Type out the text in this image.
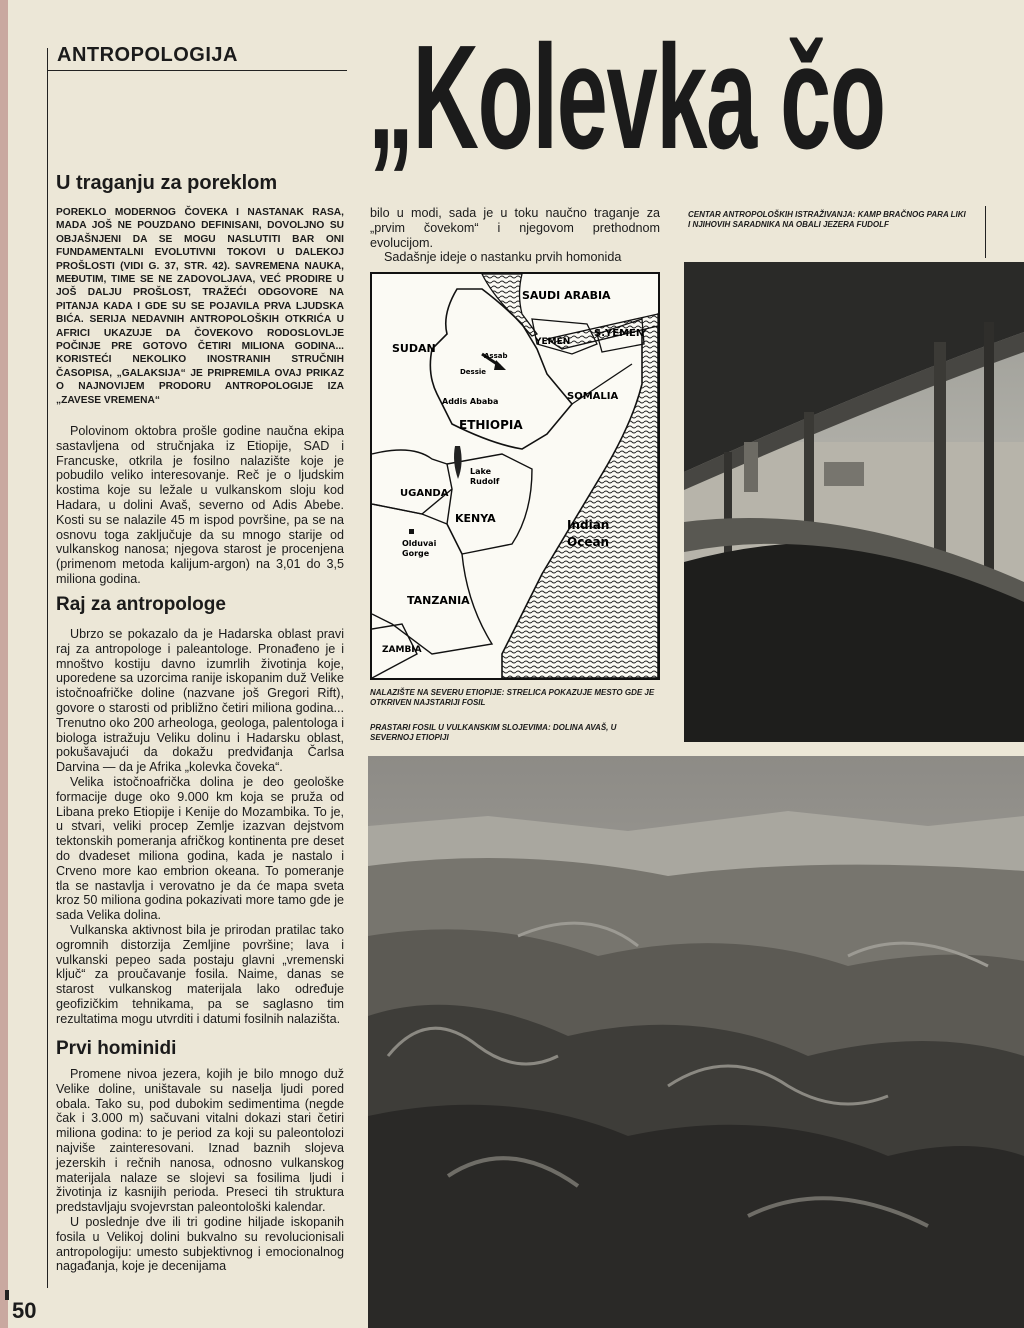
ANTROPOLOGIJA „Kolevka čo
U traganju za poreklom
POREKLO MODERNOG ČOVEKA I NASTANAK RASA, MADA JOŠ NE POUZDANO DEFINISANI, DOVOLJNO SU OBJAŠNJENI DA SE MOGU NASLUTITI BAR ONI FUNDAMENTALNI EVOLUTIVNI TOKOVI U DALEKOJ PROŠLOSTI (VIDI G. 37, STR. 42). SAVREMENA NAUKA, MEĐUTIM, TIME SE NE ZADOVOLJAVA, VEĆ PRODIRE U JOŠ DALJU PROŠLOST, TRAŽEĆI ODGOVORE NA PITANJA KADA I GDE SU SE POJAVILA PRVA LJUDSKA BIĆA. SERIJA NEDAVNIH ANTROPOLOŠKIH OTKRIĆA U AFRICI UKAZUJE DA ČOVEKOVO RODOSLOVLJE POČINJE PRE GOTOVO ČETIRI MILIONA GODINA... KORISTEĆI NEKOLIKO INOSTRANIH STRUČNIH ČASOPISA, „GALAKSIJA“ JE PRIPREMILA OVAJ PRIKAZ O NAJNOVIJEM PRODORU ANTROPOLOGIJE IZA „ZAVESE VREMENA“

Polovinom oktobra prošle godine naučna ekipa sastavljena od stručnjaka iz Etiopije, SAD i Francuske, otkrila je fosilno nalazište koje je pobudilo veliko interesovanje. Reč je o ljudskim kostima koje su ležale u vulkanskom sloju kod Hadara, u dolini Avaš, severno od Adis Abebe. Kosti su se nalazile 45 m ispod površine, pa se na osnovu toga zaključuje da su mnogo starije od vulkanskog nanosa; njegova starost je procenjena (primenom metoda kalijum-argon) na 3,01 do 3,5 miliona godina.

Raj za antropologe

Ubrzo se pokazalo da je Hadarska oblast pravi raj za antropologe i paleantologe. Pronađeno je i mnoštvo kostiju davno izumrlih životinja koje, uporedene sa uzorcima ranije iskopanim duž Velike istočnoafričke doline (nazvane još Gregori Rift), govore o starosti od približno četiri miliona godina... Trenutno oko 200 arheologa, geologa, palentologa i biologa istražuju Veliku dolinu i Hadarsku oblast, pokušavajući da dokažu predviđanja Čarlsa Darvina — da je Afrika „kolevka čoveka“.

Velika istočnoafrička dolina je deo geološke formacije duge oko 9.000 km koja se pruža od Libana preko Etiopije i Kenije do Mozambika. To je, u stvari, veliki procep Zemlje izazvan dejstvom tektonskih pomeranja afričkog kontinenta pre deset do dvadeset miliona godina, kada je nastalo i Crveno more kao embrion okeana. To pomeranje tla se nastavlja i verovatno je da će mapa sveta kroz 50 miliona godina pokazivati more tamo gde je sada Velika dolina.

Vulkanska aktivnost bila je prirodan pratilac tako ogromnih distorzija Zemljine površine; lava i vulkanski pepeo sada postaju glavni „vremenski ključ“ za proučavanje fosila. Naime, danas se starost vulkanskog materijala lako određuje geofizičkim tehnikama, pa se saglasno tim rezultatima mogu utvrditi i datumi fosilnih nalazišta.

Prvi hominidi

Promene nivoa jezera, kojih je bilo mnogo duž Velike doline, uništavale su naselja ljudi pored obala. Tako su, pod dubokim sedimentima (negde čak i 3.000 m) sačuvani vitalni dokazi stari četiri miliona godina: to je period za koji su paleontolozi najviše zainteresovani. Iznad baznih slojeva jezerskih i rečnih nanosa, odnosno vulkanskog materijala nalaze se slojevi sa fosilima ljudi i životinja iz kasnijih perioda. Preseci tih struktura predstavljaju svojevrstan paleontološki kalendar.

U poslednje dve ili tri godine hiljade iskopanih fosila u Velikoj dolini bukvalno su revolucionisali antropologiju: umesto subjektivnog i emocionalnog nagađanja, koje je decenijama

bilo u modi, sada je u toku naučno traganje za „prvim čovekom“ i njegovom prethodnom evolucijom.

Sadašnje ideje o nastanku prvih homonida

CENTAR ANTROPOLOŠKIH ISTRAŽIVANJA: KAMP BRAČNOG PARA LIKI I NJIHOVIH SARADNIKA NA OBALI JEZERA FUDOLF
SAUDI ARABIA
YEMEN
S.YEMEN
SUDAN
Assab
Dessie
Addis Ababa	SOMALIA
ETHIOPIA
UGANDA
Lake
Rudolf
KENYA	Indian
Ocean
Olduvai
Gorge
TANZANIA
ZAMBIA
NALAZIŠTE NA SEVERU ETIOPIJE: STRELICA POKAZUJE MESTO GDE JE OTKRIVEN NAJSTARIJI FOSIL
PRASTARI FOSIL U VULKANSKIM SLOJEVIMA: DOLINA AVAŠ, U SEVERNOJ ETIOPIJI
50
